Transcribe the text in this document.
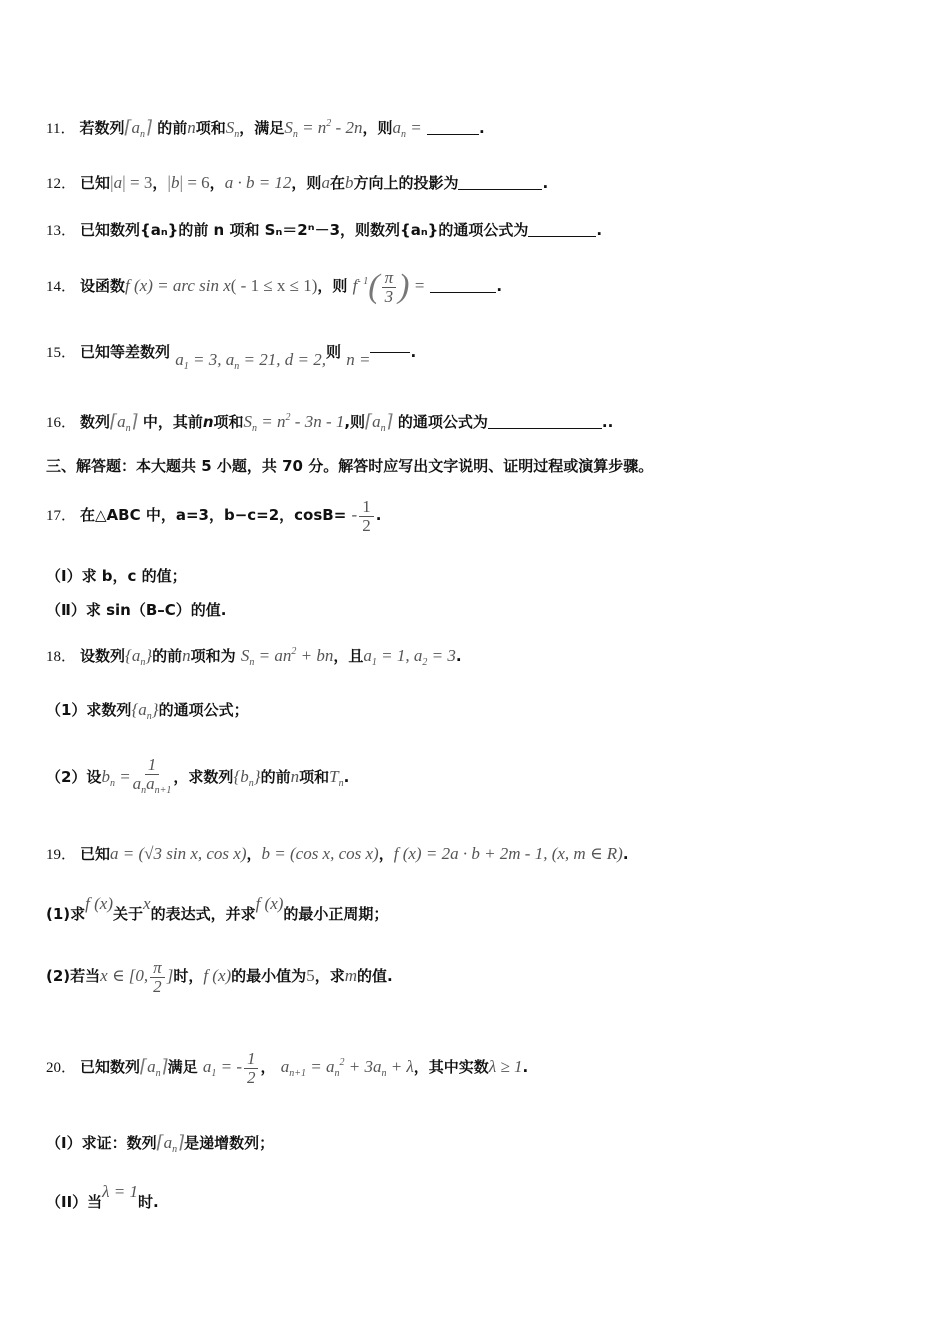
11． 若数列$⌈a_n⌉$ 的前n项和$S_n$，满足$S_n = n^2 - 2n$，则$a_n$ =	.
12． 已知|a| = 3，|b| = 6，a · b = 12，则a在b方向上的投影为	.
13． 已知数列{aₙ}的前 n 项和 Sₙ＝2ⁿ－3，则数列{aₙ}的通项公式为	.
14． 设函数f (x) = arc sin x( - 1 ≤ x ≤ 1)，则 $f^{- 1}( \frac{\pi}{3}$ ) =	.
15． 已知等差数列 $a_1 = 3$, $a_n = 21$, d = 2,则 n =	.
16． 数列$⌈a_n⌉$ 中，其前n项和$S_n = n^2 - 3n - 1$,则$⌈a_n⌉$ 的通项公式为	..
三、解答题：本大题共 5 小题，共 70 分。解答时应写出文字说明、证明过程或演算步骤。
17． 在△ABC 中，a=3，b−c=2，$\cos B= - \frac{1}{2}$ .
（Ⅰ）求 b，c 的值；
（Ⅱ）求 sin（B–C）的值.
18． 设数列$\{a_n\}$的前n项和为 $S_n = an^2$ + bn，且$a_1 = 1$, $a_2 = 3$.
（1）求数列$\{a_n\}$的通项公式；
（2）设$b_n = \frac{1}{a_na_{n+1}}$ ，求数列$\{b_n\}$的前n项和$T_n$.
19． 已知a = (√3 sin x, cos x)，b = (cos x, cos x)，f (x) = 2a · b + 2m - 1, (x, m ∈ R).
(1)求f (x)关于x的表达式，并求f (x)的最小正周期；
(2)若当x ∈ [0, $\frac{\pi}{2}$ ]时，f (x)的最小值为5，求m的值.
20． 已知数列$⌈a_n⌉$满足 $a_1$ = - $\frac{1}{2}$ ， $a_{n+1} = a_n^2 + 3a_n + \lambda$，其中实数λ ≥ 1.
（I）求证：数列$⌈a_n⌉$是递增数列；
（II）当λ = 1时.
